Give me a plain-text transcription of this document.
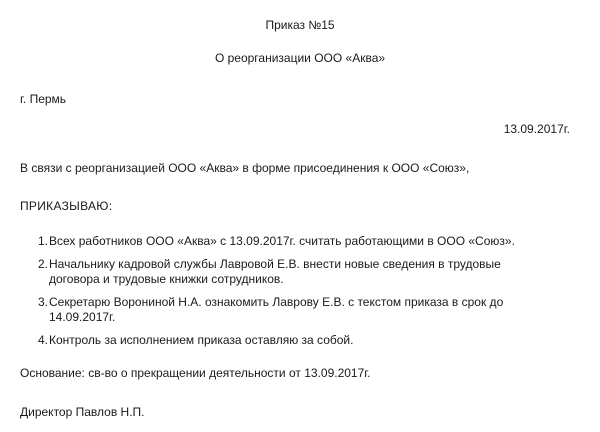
Приказ №15
О реорганизации ООО «Аква»
г. Пермь
13.09.2017г.
В связи с реорганизацией ООО «Аква» в форме присоединения к ООО «Союз»,
ПРИКАЗЫВАЮ:
1. Всех работников ООО «Аква» с 13.09.2017г. считать работающими в ООО «Союз».
2. Начальнику кадровой службы Лавровой Е.В. внести новые сведения в трудовые
договора и трудовые книжки сотрудников.
3. Секретарю Ворониной Н.А. ознакомить Лаврову Е.В. с текстом приказа в срок до
14.09.2017г.
4. Контроль за исполнением приказа оставляю за собой.
Основание: св-во о прекращении деятельности от 13.09.2017г.
Директор Павлов Н.П.
